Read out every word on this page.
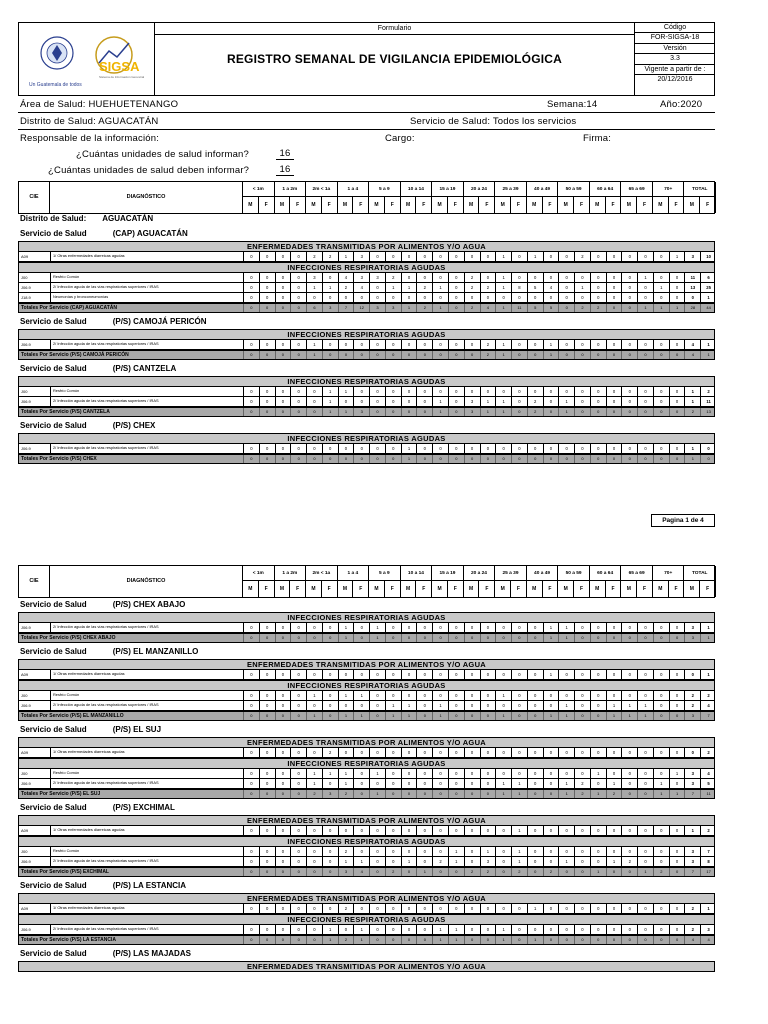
Un Guatemala de todos
SIGSA
Sistema de Información Gerencial
Formulario
REGISTRO SEMANAL DE VIGILANCIA EPIDEMIOLÓGICA
Código
FOR-SIGSA-18
Versión
3.3
Vigente a partir de :
20/12/2016
Área de Salud: HUEHUETENANGO	Semana:14	Año:2020
Distrito de Salud: AGUACATÁN	Servicio de Salud: Todos los servicios
Responsable de la información:	Cargo:	Firma:
¿Cuántas unidades de salud informan?	16
¿Cuántas unidades de salud deben informar?	16
CIE	DIAGNÓSTICO
< 1m
M	F
1 a 2m
M	F
2m < 1a
M	F
1 a 4
M	F
5 a 9
M	F
10 a 14
M	F
15 a 19
M	F
20 a 24
M	F
25 a 39
M	F
40 a 49
M	F
50 a 59
M	F
60 a 64
M	F
65 a 69
M	F
70+
M	F
TOTAL
M	F
Distrito de Salud: AGUACATÁN
Servicio de Salud	(CAP) AGUACATÁN
ENFERMEDADES TRANSMITIDAS POR ALIMENTOS Y/O AGUA
A09	1/ Otras enfermedades diarreicas agudas	0	0	0	0	2	2	1	3	0	0	0	0	0	0	0	0	1	0	1	0	0	2	0	0	0	0	0	1	3	10
INFECCIONES RESPIRATORIAS AGUDAS
J00	Resfrío Común	0	0	0	0	3	0	4	3	3	2	0	0	0	0	2	0	1	0	0	0	0	0	0	0	0	1	0	0	11	6
J06.9	2/ Infección aguda de las vías respiratorias superiores / IRAS	0	0	0	0	1	1	2	4	0	1	1	2	1	0	2	2	1	8	5	4	0	1	0	0	0	0	1	0	13	25
J18.9	Neumonías y bronconeumonías	0	0	0	0	0	0	0	0	0	0	0	0	0	0	0	0	0	0	0	0	0	0	0	0	0	0	0	0	0	1
Totales Por Servicio (CAP) AGUACATÁN	0	0	0	0	6	3	7	12	3	3	1	2	1	0	2	4	1	11	5	5	0	2	2	0	0	1	1	1	28	44
Servicio de Salud	(P/S) CAMOJÁ PERICÓN
INFECCIONES RESPIRATORIAS AGUDAS
J06.9	2/ Infección aguda de las vías respiratorias superiores / IRAS	0	0	0	0	1	0	0	0	0	0	0	0	0	0	0	2	1	0	0	1	0	0	0	0	0	0	0	0	4	1
Totales Por Servicio (P/S) CAMOJÁ PERICÓN	0	0	0	0	1	0	0	0	0	0	0	0	0	0	0	2	1	0	0	1	0	0	0	0	0	0	0	0	4	1
Servicio de Salud	(P/S) CANTZELA
INFECCIONES RESPIRATORIAS AGUDAS
J00	Resfrío Común	0	0	0	0	0	1	1	0	0	0	0	0	0	0	0	0	0	0	0	0	0	0	0	0	0	0	0	0	1	2
J06.9	2/ Infección aguda de las vías respiratorias superiores / IRAS	0	0	0	0	0	1	0	0	0	0	0	0	1	0	3	1	1	0	2	0	1	0	0	0	0	0	0	0	1	11
Totales Por Servicio (P/S) CANTZELA	0	0	0	0	0	1	1	3	0	0	0	0	1	0	3	1	1	0	2	0	1	0	0	0	0	0	0	0	2	13
Servicio de Salud	(P/S) CHEX
INFECCIONES RESPIRATORIAS AGUDAS
J06.9	2/ Infección aguda de las vías respiratorias superiores / IRAS	0	0	0	0	0	0	0	0	0	0	1	0	0	0	0	0	0	0	0	0	0	0	0	0	0	0	0	0	1	0
Totales Por Servicio (P/S) CHEX	0	0	0	0	0	0	0	0	0	0	1	0	0	0	0	0	0	0	0	0	0	0	0	0	0	0	0	0	1	0
CIE	DIAGNÓSTICO
< 1m
M	F
1 a 2m
M	F
2m < 1a
M	F
1 a 4
M	F
5 a 9
M	F
10 a 14
M	F
15 a 19
M	F
20 a 24
M	F
25 a 39
M	F
40 a 49
M	F
50 a 59
M	F
60 a 64
M	F
65 a 69
M	F
70+
M	F
TOTAL
M	F
Servicio de Salud	(P/S) CHEX ABAJO
INFECCIONES RESPIRATORIAS AGUDAS
J06.9	2/ Infección aguda de las vías respiratorias superiores / IRAS	0	0	0	0	0	0	1	0	1	0	0	0	0	0	0	0	0	0	0	1	1	0	0	0	0	0	0	0	3	1
Totales Por Servicio (P/S) CHEX ABAJO	0	0	0	0	0	0	1	0	1	0	0	0	0	0	0	0	0	0	0	1	1	0	0	0	0	0	0	0	3	1
Servicio de Salud	(P/S) EL MANZANILLO
ENFERMEDADES TRANSMITIDAS POR ALIMENTOS Y/O AGUA
A09	1/ Otras enfermedades diarreicas agudas	0	0	0	0	0	0	0	0	0	0	0	0	0	0	0	0	0	0	0	1	0	0	0	0	0	0	0	0	0	1
INFECCIONES RESPIRATORIAS AGUDAS
J00	Resfrío Común	0	0	0	0	1	0	1	1	0	0	0	0	0	0	0	0	1	0	0	0	0	0	0	0	0	0	0	0	2	2
J06.9	2/ Infección aguda de las vías respiratorias superiores / IRAS	0	0	0	0	0	0	0	0	0	1	1	0	1	0	0	0	0	0	0	0	1	0	0	1	1	1	0	0	2	4
Totales Por Servicio (P/S) EL MANZANILLO	0	0	0	0	1	0	1	1	0	1	1	0	1	0	0	0	1	0	0	1	1	0	0	1	1	1	0	0	3	7
Servicio de Salud	(P/S) EL SUJ
ENFERMEDADES TRANSMITIDAS POR ALIMENTOS Y/O AGUA
A09	1/ Otras enfermedades diarreicas agudas	0	0	0	0	0	2	0	0	0	0	0	0	0	0	0	0	0	0	0	0	0	0	0	0	0	0	0	0	0	2
INFECCIONES RESPIRATORIAS AGUDAS
J00	Resfrío Común	0	0	0	0	1	1	1	0	1	0	0	0	0	0	0	0	0	0	0	0	0	0	1	0	0	0	0	1	3	4
J06.9	2/ Infección aguda de las vías respiratorias superiores / IRAS	0	0	0	0	1	0	1	0	0	0	0	0	0	0	0	0	1	1	0	0	1	2	0	1	0	0	1	0	3	5
Totales Por Servicio (P/S) EL SUJ	0	0	0	0	2	3	2	0	1	0	0	0	0	0	0	0	1	1	0	0	1	2	1	2	0	0	1	1	7	11
Servicio de Salud	(P/S) EXCHIMAL
ENFERMEDADES TRANSMITIDAS POR ALIMENTOS Y/O AGUA
A09	1/ Otras enfermedades diarreicas agudas	0	0	0	0	0	0	0	0	0	0	0	0	0	0	0	0	0	1	0	0	0	0	0	0	0	0	0	0	1	2
INFECCIONES RESPIRATORIAS AGUDAS
J00	Resfrío Común	0	0	0	0	0	0	2	0	0	0	0	0	0	1	0	1	0	1	0	0	0	0	0	0	0	0	0	0	3	7
J06.9	2/ Infección aguda de las vías respiratorias superiores / IRAS	0	0	0	0	0	0	1	1	0	0	1	0	2	1	0	3	0	1	0	0	1	0	0	1	2	0	0	0	3	8
Totales Por Servicio (P/S) EXCHIMAL	0	0	0	0	0	0	3	4	0	2	0	1	0	0	2	2	0	2	0	2	0	0	1	0	0	1	2	0	7	17
Servicio de Salud	(P/S) LA ESTANCIA
ENFERMEDADES TRANSMITIDAS POR ALIMENTOS Y/O AGUA
A09	1/ Otras enfermedades diarreicas agudas	0	0	0	0	0	0	2	0	0	0	0	0	0	0	0	0	0	0	1	0	0	0	0	0	0	0	0	0	2	1
INFECCIONES RESPIRATORIAS AGUDAS
J06.9	2/ Infección aguda de las vías respiratorias superiores / IRAS	0	0	0	0	0	1	0	1	0	0	0	0	1	1	0	0	1	0	0	0	0	0	0	0	0	0	0	0	2	3
Totales Por Servicio (P/S) LA ESTANCIA	0	0	0	0	0	1	2	1	0	0	0	0	1	1	0	0	1	0	1	0	0	0	0	0	0	0	0	0	4	4
Servicio de Salud	(P/S) LAS MAJADAS
ENFERMEDADES TRANSMITIDAS POR ALIMENTOS Y/O AGUA
Pagina 1 de 4
